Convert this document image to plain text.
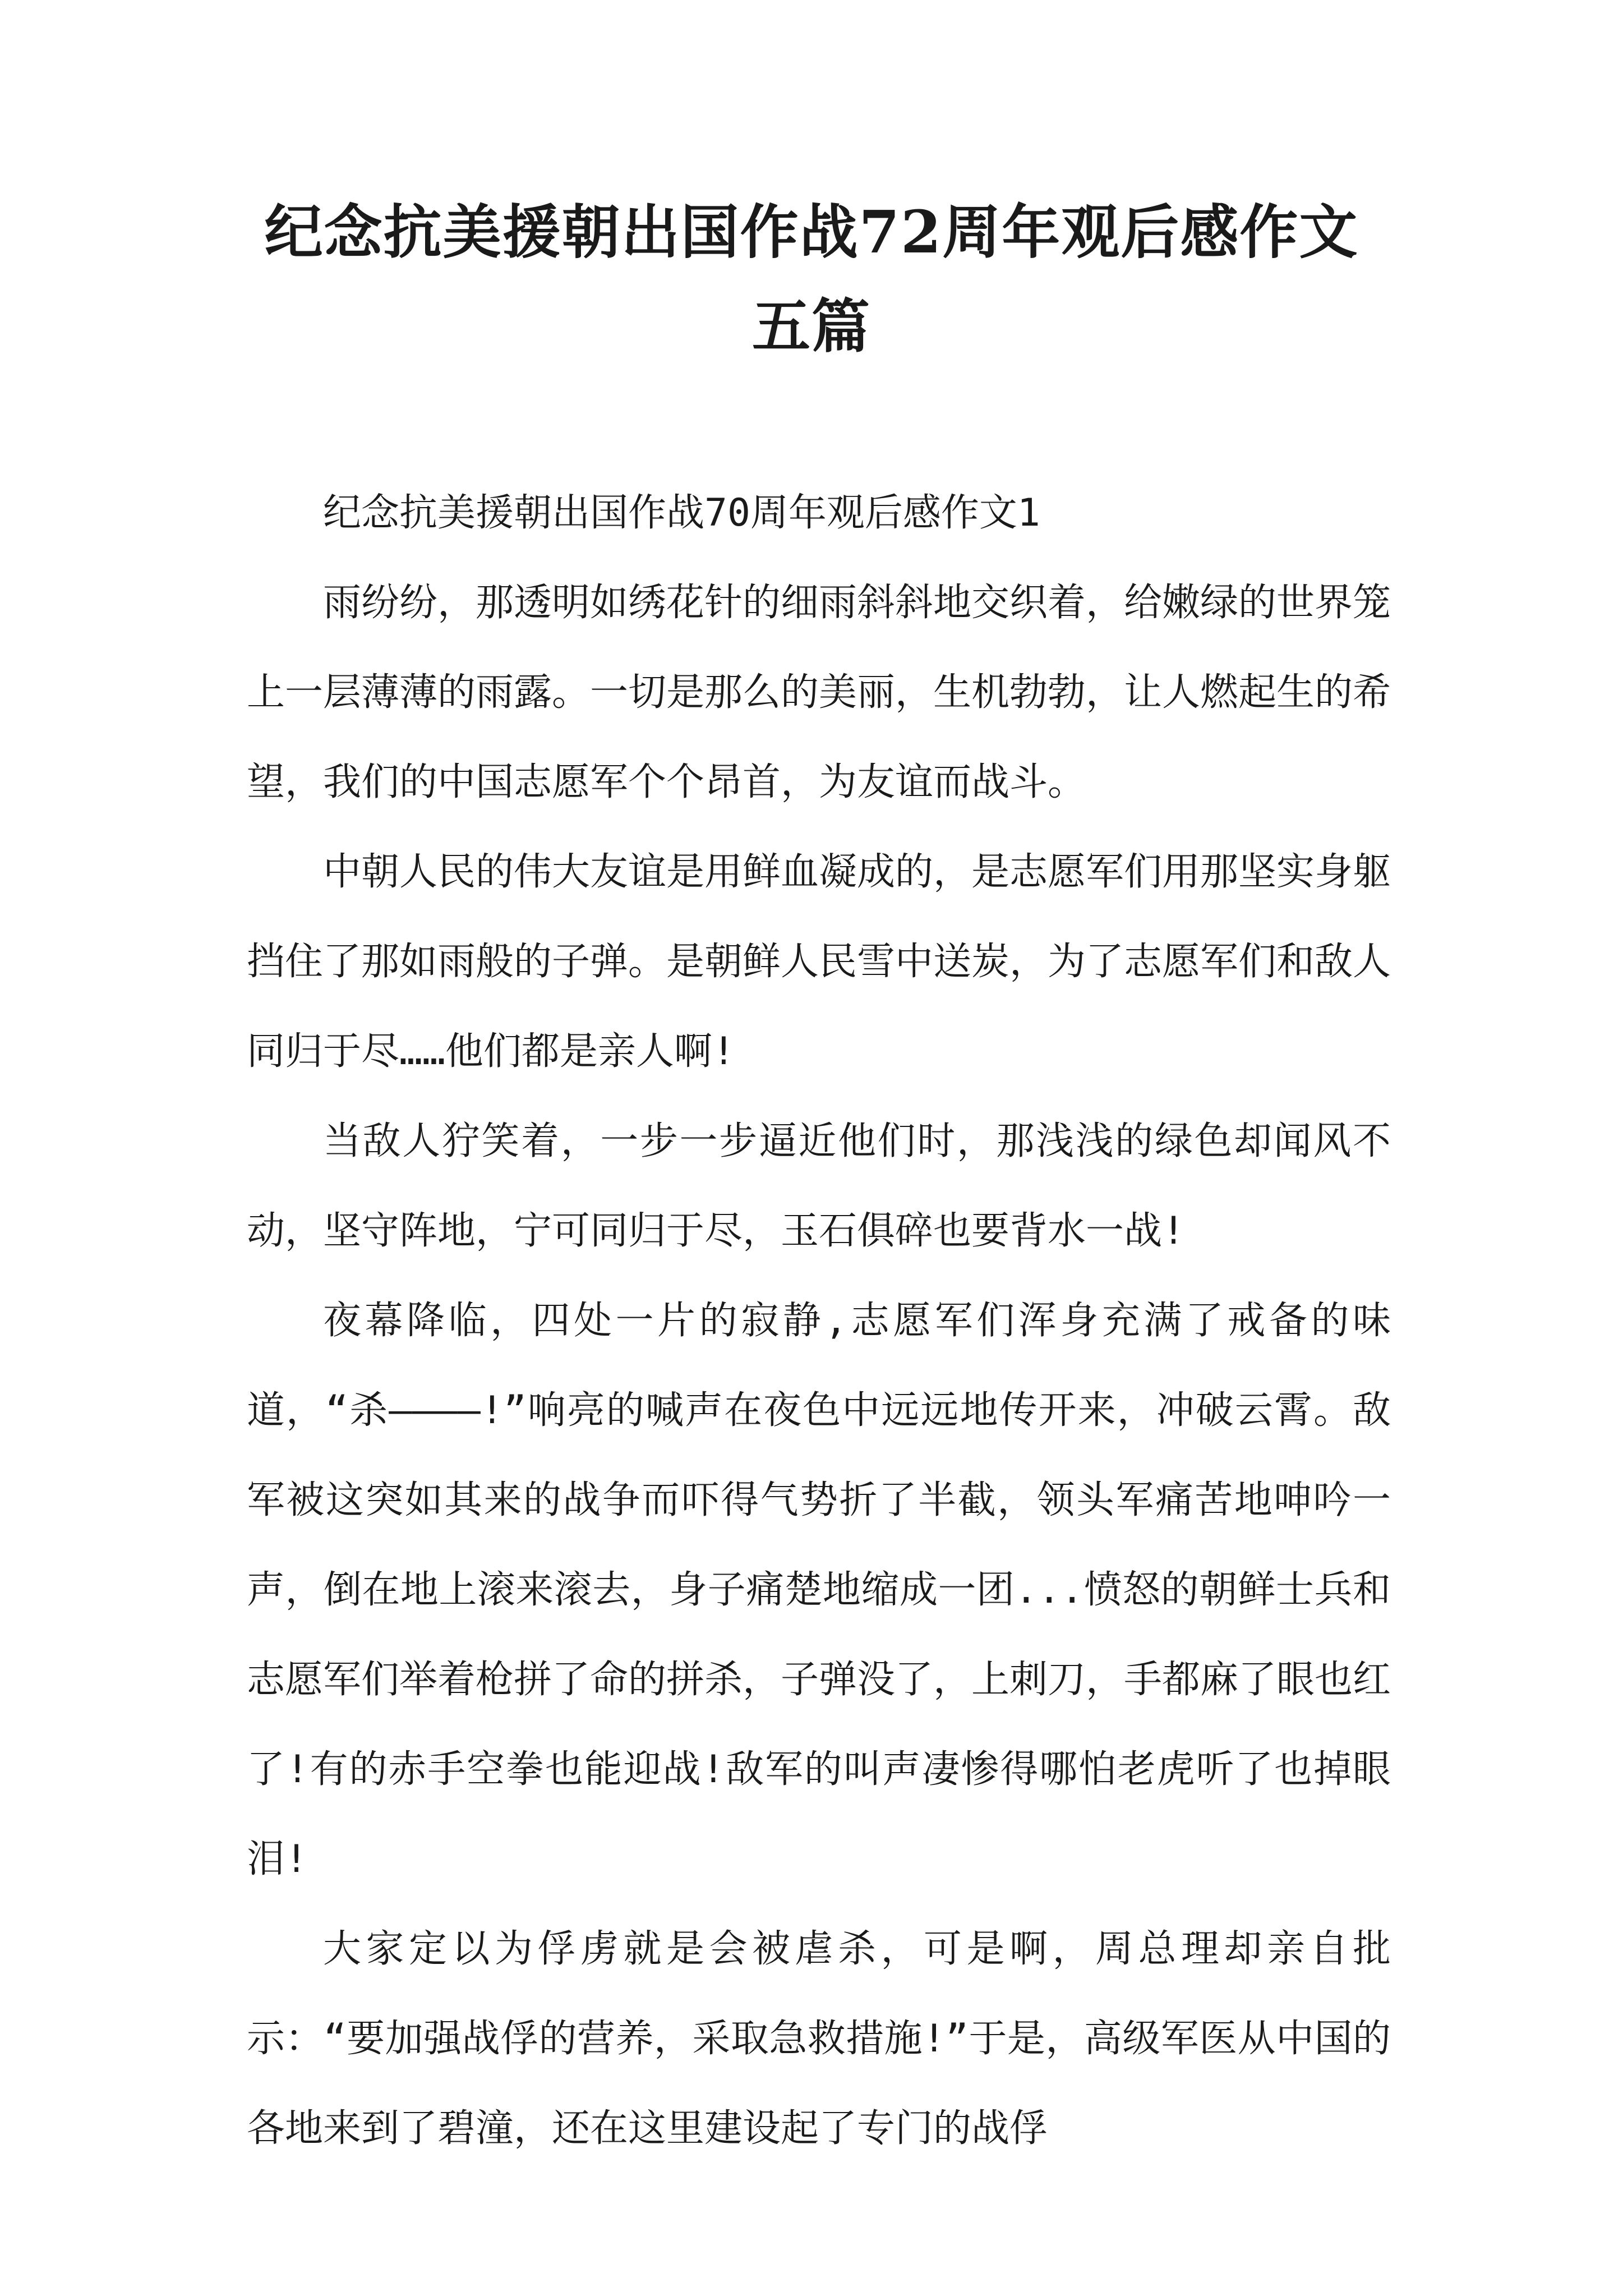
纪念抗美援朝出国作战72周年观后感作文五篇

纪念抗美援朝出国作战70周年观后感作文1

雨纷纷，那透明如绣花针的细雨斜斜地交织着，给嫩绿的世界笼上一层薄薄的雨露。一切是那么的美丽，生机勃勃，让人燃起生的希望，我们的中国志愿军个个昂首，为友谊而战斗。

中朝人民的伟大友谊是用鲜血凝成的，是志愿军们用那坚实身躯挡住了那如雨般的子弹。是朝鲜人民雪中送炭，为了志愿军们和敌人同归于尽……他们都是亲人啊!

当敌人狞笑着，一步一步逼近他们时，那浅浅的绿色却闻风不动，坚守阵地，宁可同归于尽，玉石俱碎也要背水一战!

夜幕降临，四处一片的寂静,志愿军们浑身充满了戒备的味道，“杀————!”响亮的喊声在夜色中远远地传开来，冲破云霄。敌军被这突如其来的战争而吓得气势折了半截，领头军痛苦地呻吟一声，倒在地上滚来滚去，身子痛楚地缩成一团...愤怒的朝鲜士兵和志愿军们举着枪拼了命的拼杀，子弹没了，上刺刀，手都麻了眼也红了!有的赤手空拳也能迎战!敌军的叫声凄惨得哪怕老虎听了也掉眼泪!

大家定以为俘虏就是会被虐杀，可是啊，周总理却亲自批示：“要加强战俘的营养，采取急救措施!”于是，高级军医从中国的各地来到了碧潼，还在这里建设起了专门的战俘
